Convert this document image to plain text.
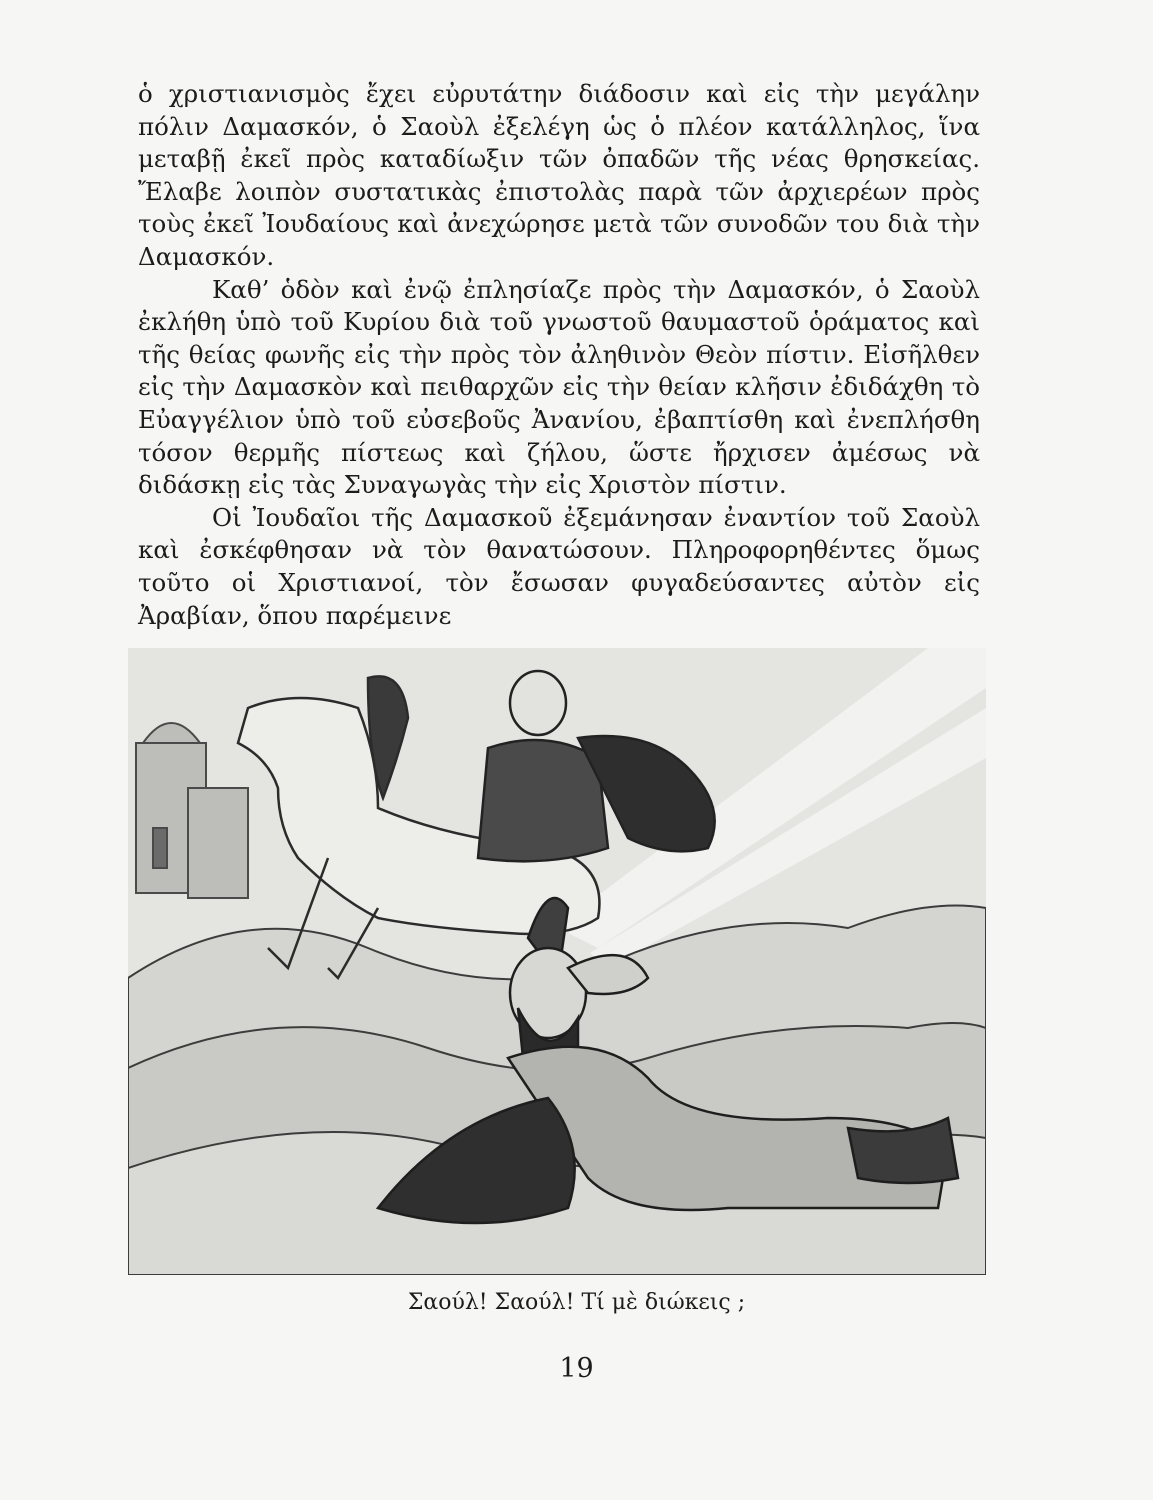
ὁ χριστιανισμὸς ἔχει εὐρυτάτην διάδοσιν καὶ εἰς τὴν μεγάλην πόλιν Δαμασκόν, ὁ Σαοὺλ ἐξελέγη ὡς ὁ πλέον κατάλληλος, ἵνα μεταβῇ ἐκεῖ πρὸς καταδίωξιν τῶν ὀπαδῶν τῆς νέας θρησκείας. Ἔλαβε λοιπὸν συστατικὰς ἐπιστολὰς παρὰ τῶν ἀρχιερέων πρὸς τοὺς ἐκεῖ Ἰουδαίους καὶ ἀνεχώρησε μετὰ τῶν συνοδῶν του διὰ τὴν Δαμασκόν.

Καθ’ ὁδὸν καὶ ἐνῷ ἐπλησίαζε πρὸς τὴν Δαμασκόν, ὁ Σαοὺλ ἐκλήθη ὑπὸ τοῦ Κυρίου διὰ τοῦ γνωστοῦ θαυμαστοῦ ὁράματος καὶ τῆς θείας φωνῆς εἰς τὴν πρὸς τὸν ἀληθινὸν Θεὸν πίστιν. Εἰσῆλθεν εἰς τὴν Δαμασκὸν καὶ πειθαρχῶν εἰς τὴν θείαν κλῆσιν ἐδιδάχθη τὸ Εὐαγγέλιον ὑπὸ τοῦ εὐσεβοῦς Ἀνανίου, ἐβαπτίσθη καὶ ἐνεπλήσθη τόσον θερμῆς πίστεως καὶ ζήλου, ὥστε ἤρχισεν ἀμέσως νὰ διδάσκῃ εἰς τὰς Συναγωγὰς τὴν εἰς Χριστὸν πίστιν.

Οἱ Ἰουδαῖοι τῆς Δαμασκοῦ ἐξεμάνησαν ἐναντίον τοῦ Σαοὺλ καὶ ἐσκέφθησαν νὰ τὸν θανατώσουν. Πληροφορηθέντες ὅμως τοῦτο οἱ Χριστιανοί, τὸν ἔσωσαν φυγαδεύσαντες αὐτὸν εἰς Ἀραβίαν, ὅπου παρέμεινε

Σαούλ! Σαούλ! Τί μὲ διώκεις ;
19
